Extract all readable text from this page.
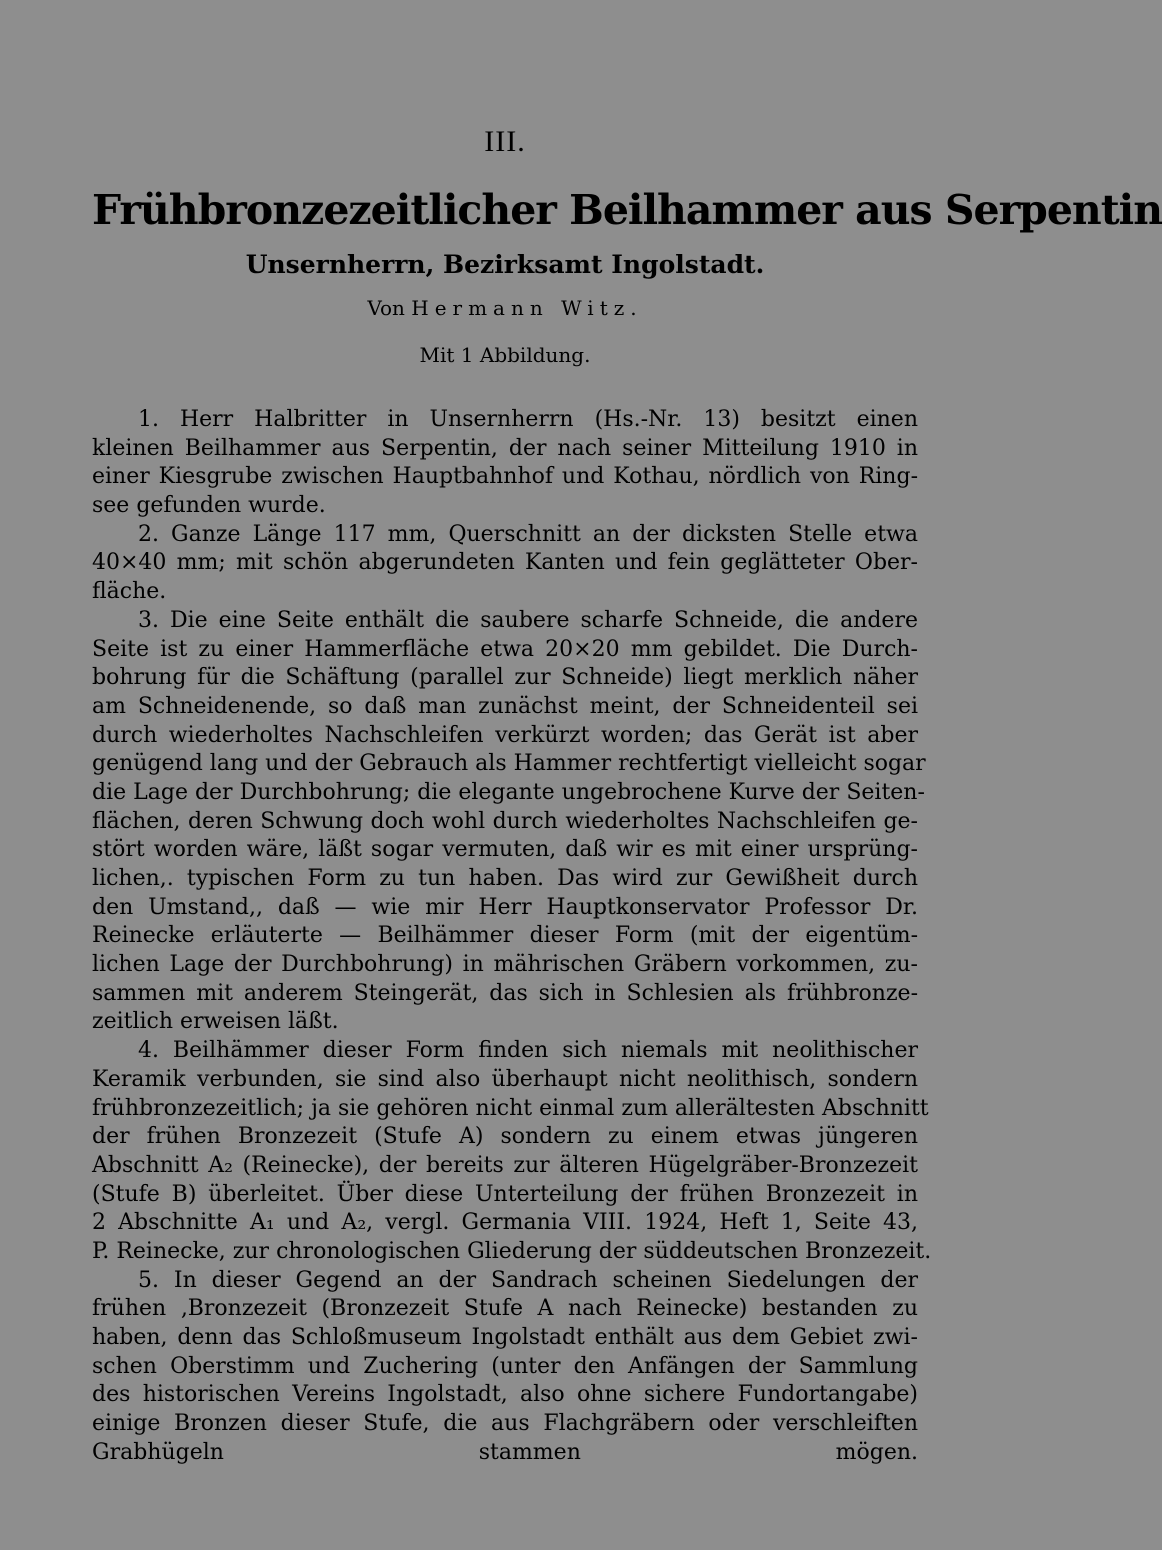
III.
Frühbronzezeitlicher Beilhammer aus Serpentin
Unsernherrn, Bezirksamt Ingolstadt.
Von Hermann Witz.
Mit 1 Abbildung.
1. Herr Halbritter in Unsernherrn (Hs.-Nr. 13) besitzt einen
kleinen Beilhammer aus Serpentin, der nach seiner Mitteilung 1910 in
einer Kiesgrube zwischen Hauptbahnhof und Kothau, nördlich von Ring-
see gefunden wurde.
2. Ganze Länge 117 mm, Querschnitt an der dicksten Stelle etwa
40×40 mm; mit schön abgerundeten Kanten und fein geglätteter Ober-
fläche.
3. Die eine Seite enthält die saubere scharfe Schneide, die andere
Seite ist zu einer Hammerfläche etwa 20×20 mm gebildet. Die Durch-
bohrung für die Schäftung (parallel zur Schneide) liegt merklich näher
am Schneidenende, so daß man zunächst meint, der Schneidenteil sei
durch wiederholtes Nachschleifen verkürzt worden; das Gerät ist aber
genügend lang und der Gebrauch als Hammer rechtfertigt vielleicht sogar
die Lage der Durchbohrung; die elegante ungebrochene Kurve der Seiten-
flächen, deren Schwung doch wohl durch wiederholtes Nachschleifen ge-
stört worden wäre, läßt sogar vermuten, daß wir es mit einer ursprüng-
lichen,. typischen Form zu tun haben. Das wird zur Gewißheit durch
den Umstand,, daß — wie mir Herr Hauptkonservator Professor Dr.
Reinecke erläuterte — Beilhämmer dieser Form (mit der eigentüm-
lichen Lage der Durchbohrung) in mährischen Gräbern vorkommen, zu-
sammen mit anderem Steingerät, das sich in Schlesien als frühbronze-
zeitlich erweisen läßt.
4. Beilhämmer dieser Form finden sich niemals mit neolithischer
Keramik verbunden, sie sind also überhaupt nicht neolithisch, sondern
frühbronzezeitlich; ja sie gehören nicht einmal zum allerältesten Abschnitt
der frühen Bronzezeit (Stufe A) sondern zu einem etwas jüngeren
Abschnitt A₂ (Reinecke), der bereits zur älteren Hügelgräber-Bronzezeit
(Stufe B) überleitet. Über diese Unterteilung der frühen Bronzezeit in
2 Abschnitte A₁ und A₂, vergl. Germania VIII. 1924, Heft 1, Seite 43,
P. Reinecke, zur chronologischen Gliederung der süddeutschen Bronzezeit.
5. In dieser Gegend an der Sandrach scheinen Siedelungen der
frühen ‚Bronzezeit (Bronzezeit Stufe A nach Reinecke) bestanden zu
haben, denn das Schloßmuseum Ingolstadt enthält aus dem Gebiet zwi-
schen Oberstimm und Zuchering (unter den Anfängen der Sammlung
des historischen Vereins Ingolstadt, also ohne sichere Fundortangabe)
einige Bronzen dieser Stufe, die aus Flachgräbern oder verschleiften
Grabhügeln stammen mögen.
